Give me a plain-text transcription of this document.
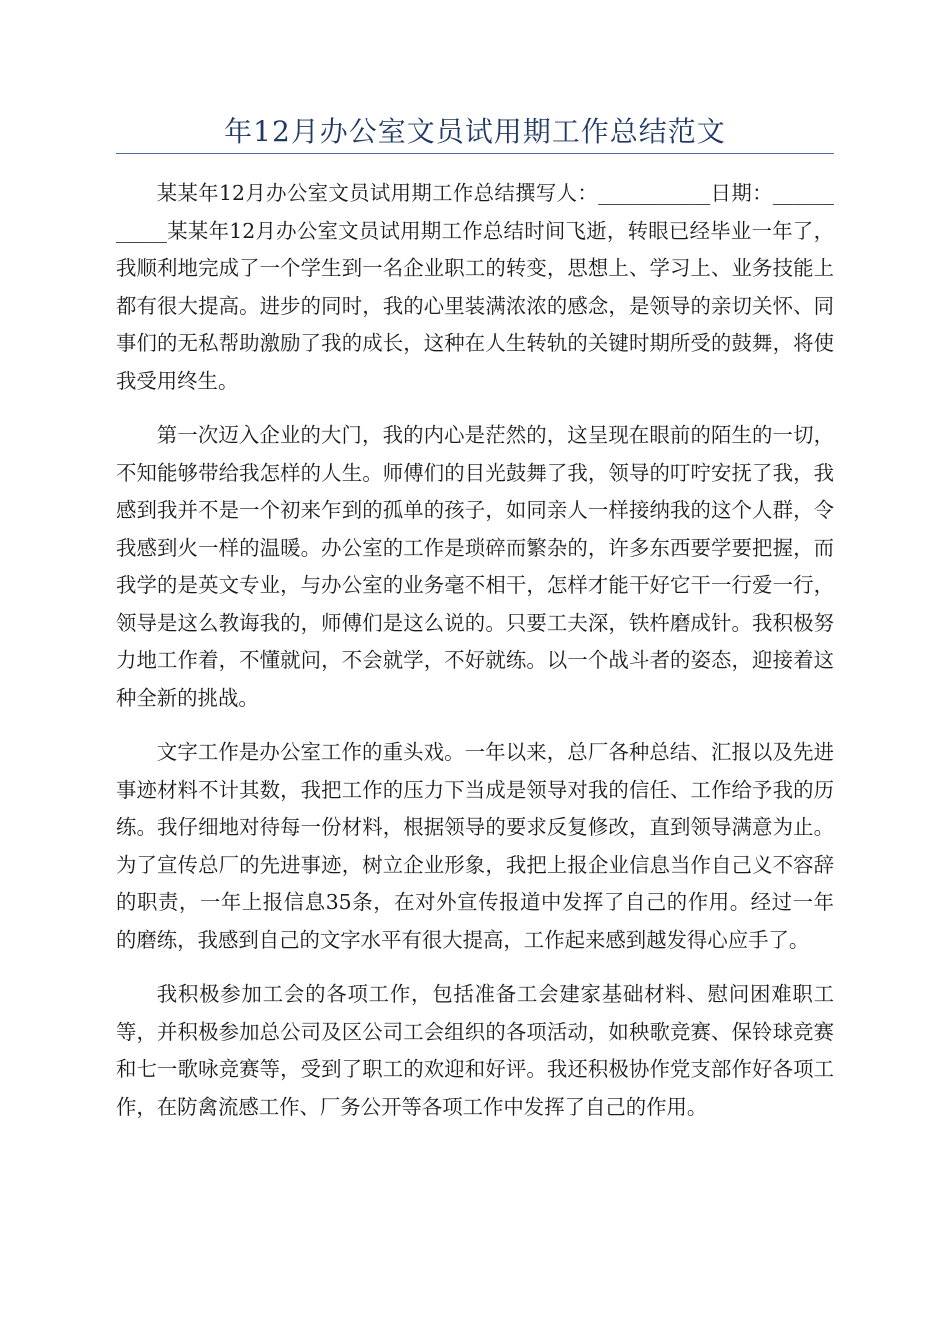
年12月办公室文员试用期工作总结范文

某某年12月办公室文员试用期工作总结撰写人：___________日期：___________某某年12月办公室文员试用期工作总结时间飞逝，转眼已经毕业一年了，我顺利地完成了一个学生到一名企业职工的转变，思想上、学习上、业务技能上都有很大提高。进步的同时，我的心里装满浓浓的感念，是领导的亲切关怀、同事们的无私帮助激励了我的成长，这种在人生转轨的关键时期所受的鼓舞，将使我受用终生。

第一次迈入企业的大门，我的内心是茫然的，这呈现在眼前的陌生的一切，不知能够带给我怎样的人生。师傅们的目光鼓舞了我，领导的叮咛安抚了我，我感到我并不是一个初来乍到的孤单的孩子，如同亲人一样接纳我的这个人群，令我感到火一样的温暖。办公室的工作是琐碎而繁杂的，许多东西要学要把握，而我学的是英文专业，与办公室的业务毫不相干，怎样才能干好它干一行爱一行，领导是这么教诲我的，师傅们是这么说的。只要工夫深，铁杵磨成针。我积极努力地工作着，不懂就问，不会就学，不好就练。以一个战斗者的姿态，迎接着这种全新的挑战。

文字工作是办公室工作的重头戏。一年以来，总厂各种总结、汇报以及先进事迹材料不计其数，我把工作的压力下当成是领导对我的信任、工作给予我的历练。我仔细地对待每一份材料，根据领导的要求反复修改，直到领导满意为止。为了宣传总厂的先进事迹，树立企业形象，我把上报企业信息当作自己义不容辞的职责，一年上报信息35条，在对外宣传报道中发挥了自己的作用。经过一年的磨练，我感到自己的文字水平有很大提高，工作起来感到越发得心应手了。

我积极参加工会的各项工作，包括准备工会建家基础材料、慰问困难职工等，并积极参加总公司及区公司工会组织的各项活动，如秧歌竞赛、保铃球竞赛和七一歌咏竞赛等，受到了职工的欢迎和好评。我还积极协作党支部作好各项工作，在防禽流感工作、厂务公开等各项工作中发挥了自己的作用。
